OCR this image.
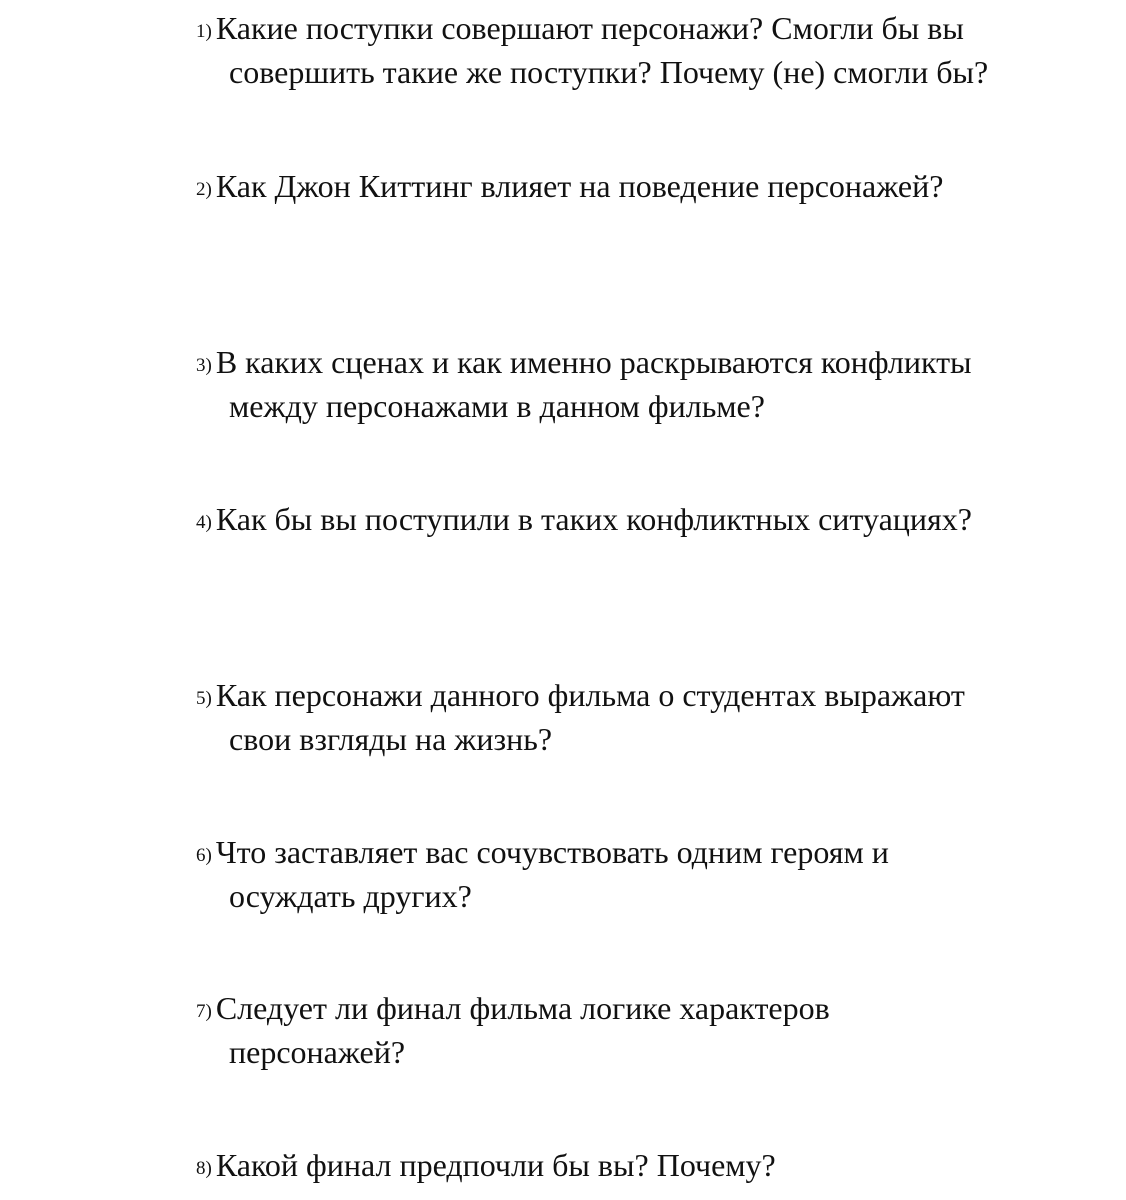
1) Какие поступки совершают персонажи? Смогли бы вы
совершить такие же поступки? Почему (не) смогли бы?
2) Как Джон Киттинг влияет на поведение персонажей?
3) В каких сценах и как именно раскрываются конфликты
между персонажами в данном фильме?
4) Как бы вы поступили в таких конфликтных ситуациях?
5) Как персонажи данного фильма о студентах выражают
свои взгляды на жизнь?
6) Что заставляет вас сочувствовать одним героям и
осуждать других?
7) Следует ли финал фильма логике характеров
персонажей?
8) Какой финал предпочли бы вы? Почему?
